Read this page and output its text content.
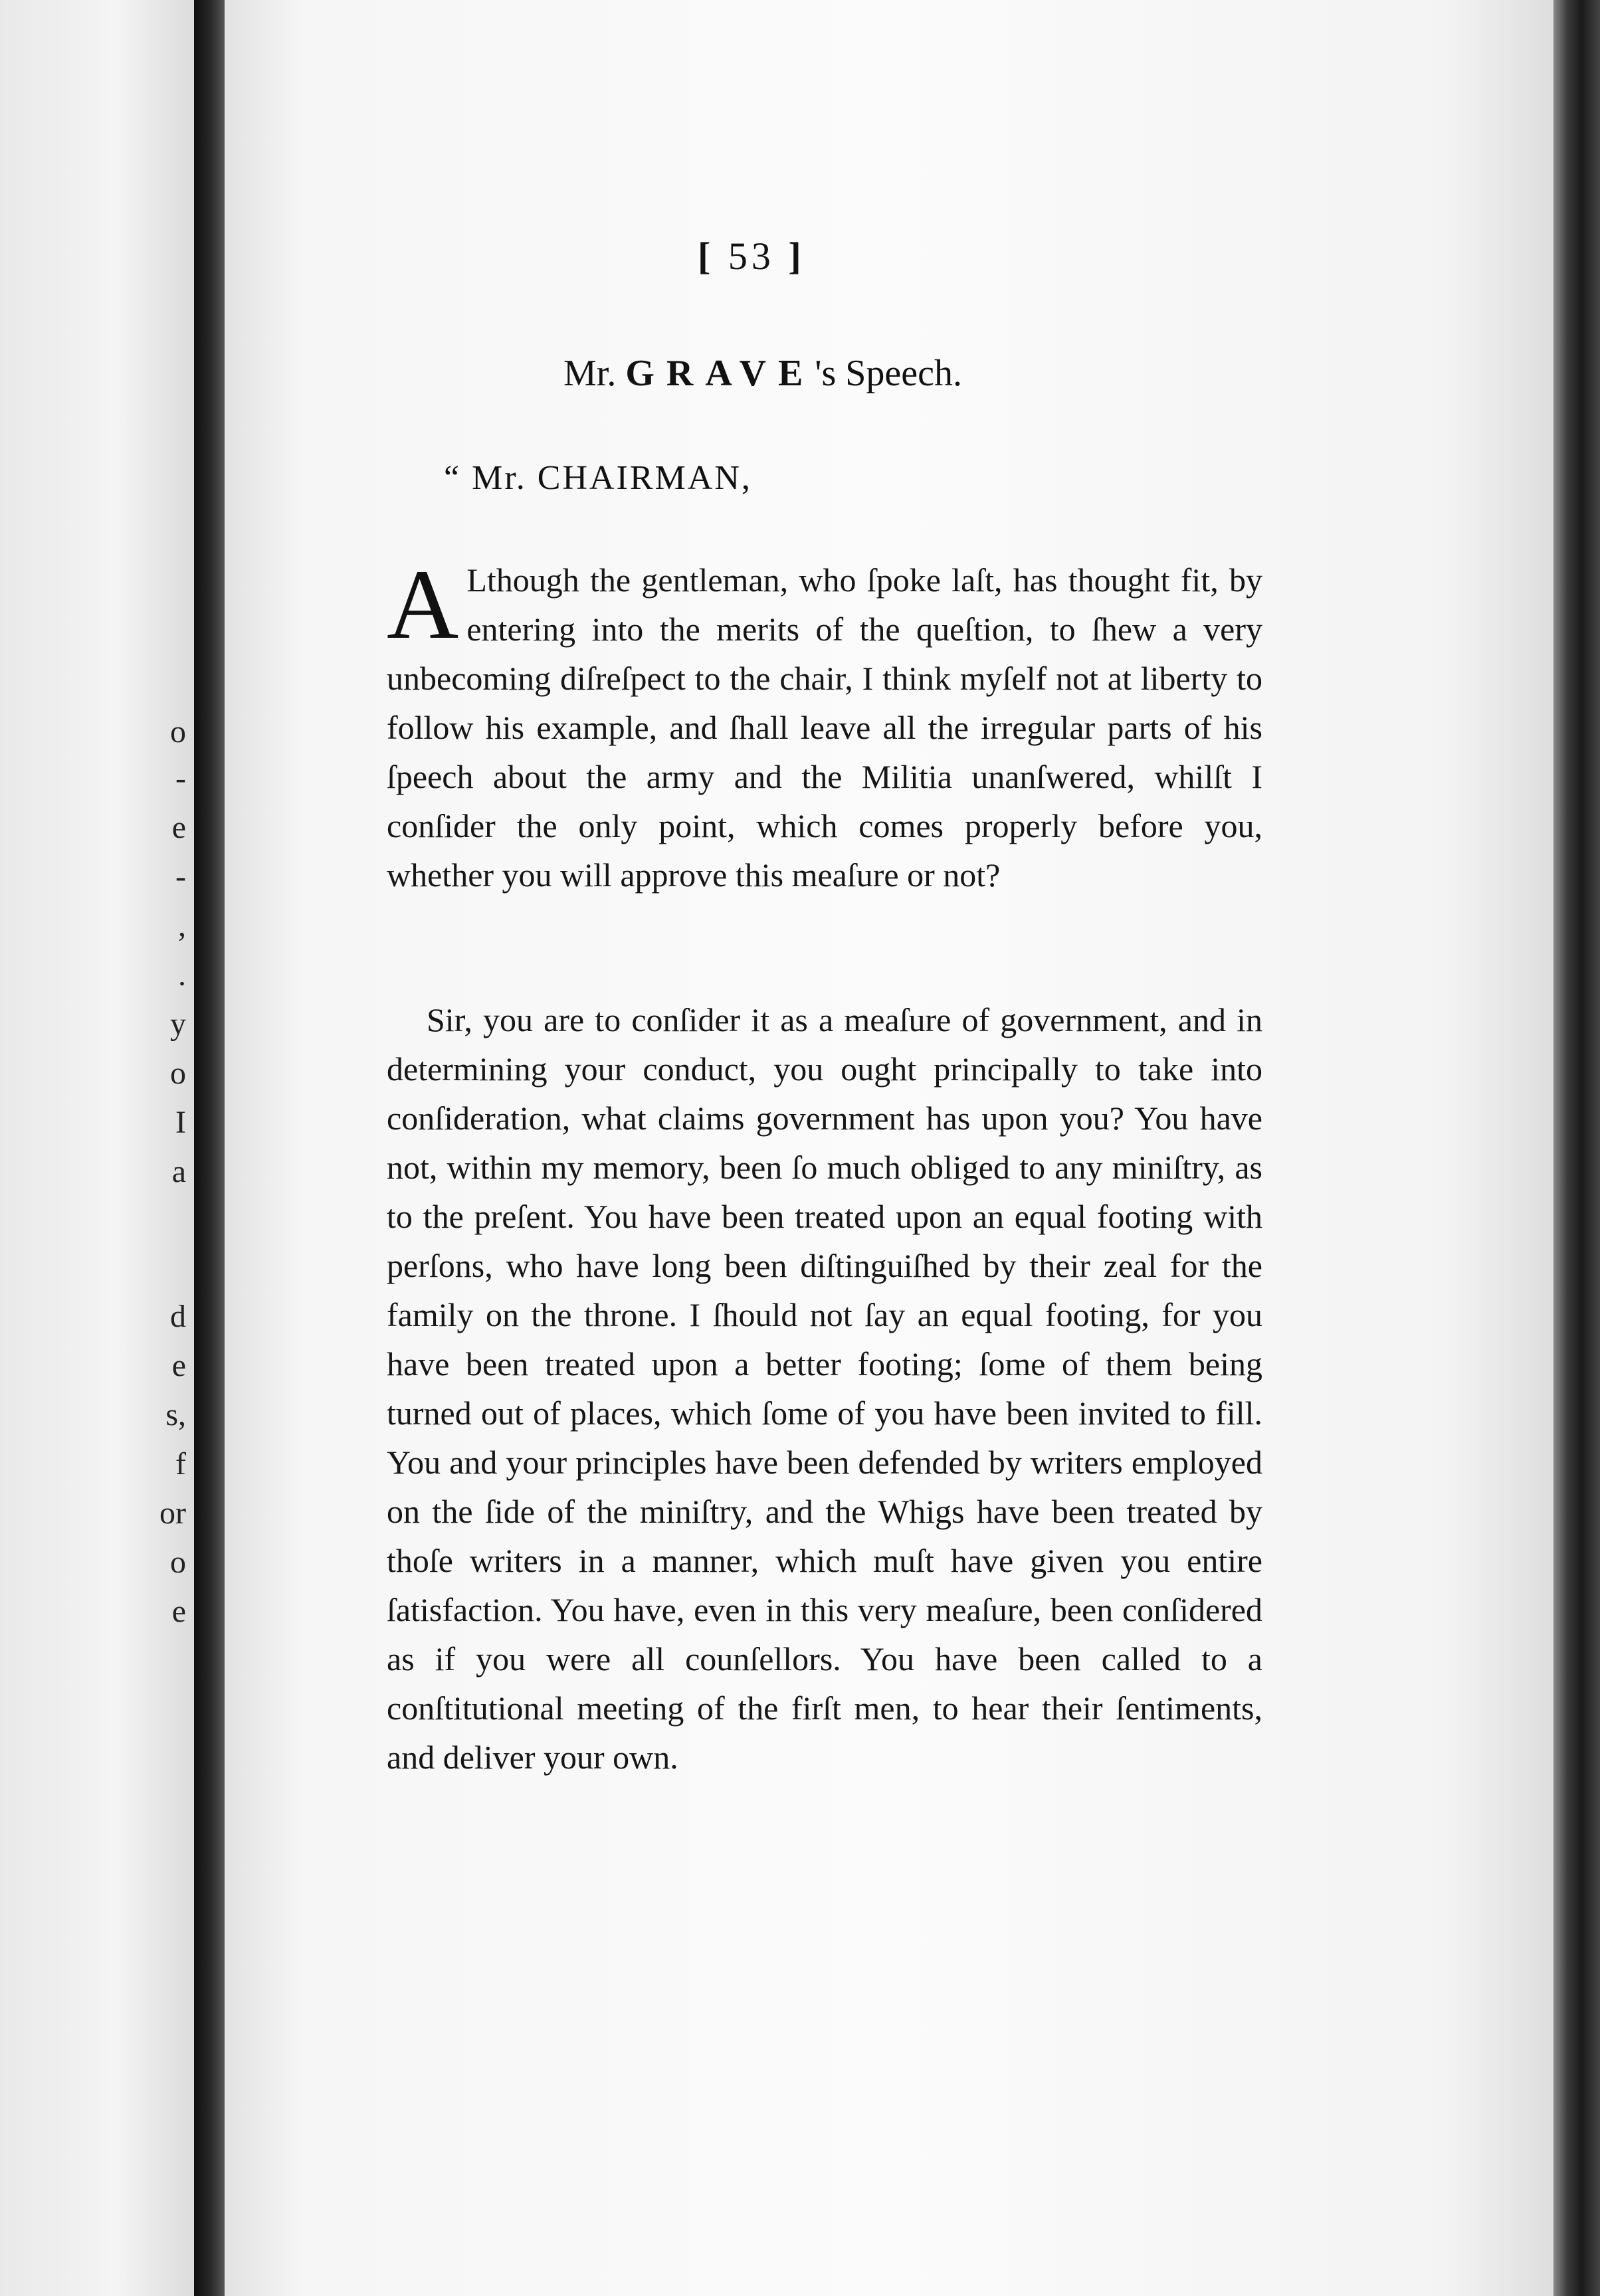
o
-
e
-
,
.
y
o
I
a
d
e
s,
f
or
o
e
[ 53 ]
Mr. GRAVE's Speech.
“ Mr. CHAIRMAN,

A Lthough the gentleman, who ſpoke laſt, has thought fit, by entering into the merits of the queſtion, to ſhew a very unbecoming diſreſpect to the chair, I think myſelf not at liberty to follow his example, and ſhall leave all the irregular parts of his ſpeech about the army and the Militia unanſwered, whilſt I conſider the only point, which comes properly before you, whether you will approve this meaſure or not?

Sir, you are to conſider it as a meaſure of government, and in determining your conduct, you ought principally to take into conſideration, what claims government has upon you? You have not, within my memory, been ſo much obliged to any miniſtry, as to the preſent. You have been treated upon an equal footing with perſons, who have long been diſtinguiſhed by their zeal for the family on the throne. I ſhould not ſay an equal footing, for you have been treated upon a better footing; ſome of them being turned out of places, which ſome of you have been invited to fill. You and your principles have been defended by writers employed on the ſide of the miniſtry, and the Whigs have been treated by thoſe writers in a manner, which muſt have given you entire ſatisfaction. You have, even in this very meaſure, been conſidered as if you were all counſellors. You have been called to a conſtitutional meeting of the firſt men, to hear their ſentiments, and deliver your own.
